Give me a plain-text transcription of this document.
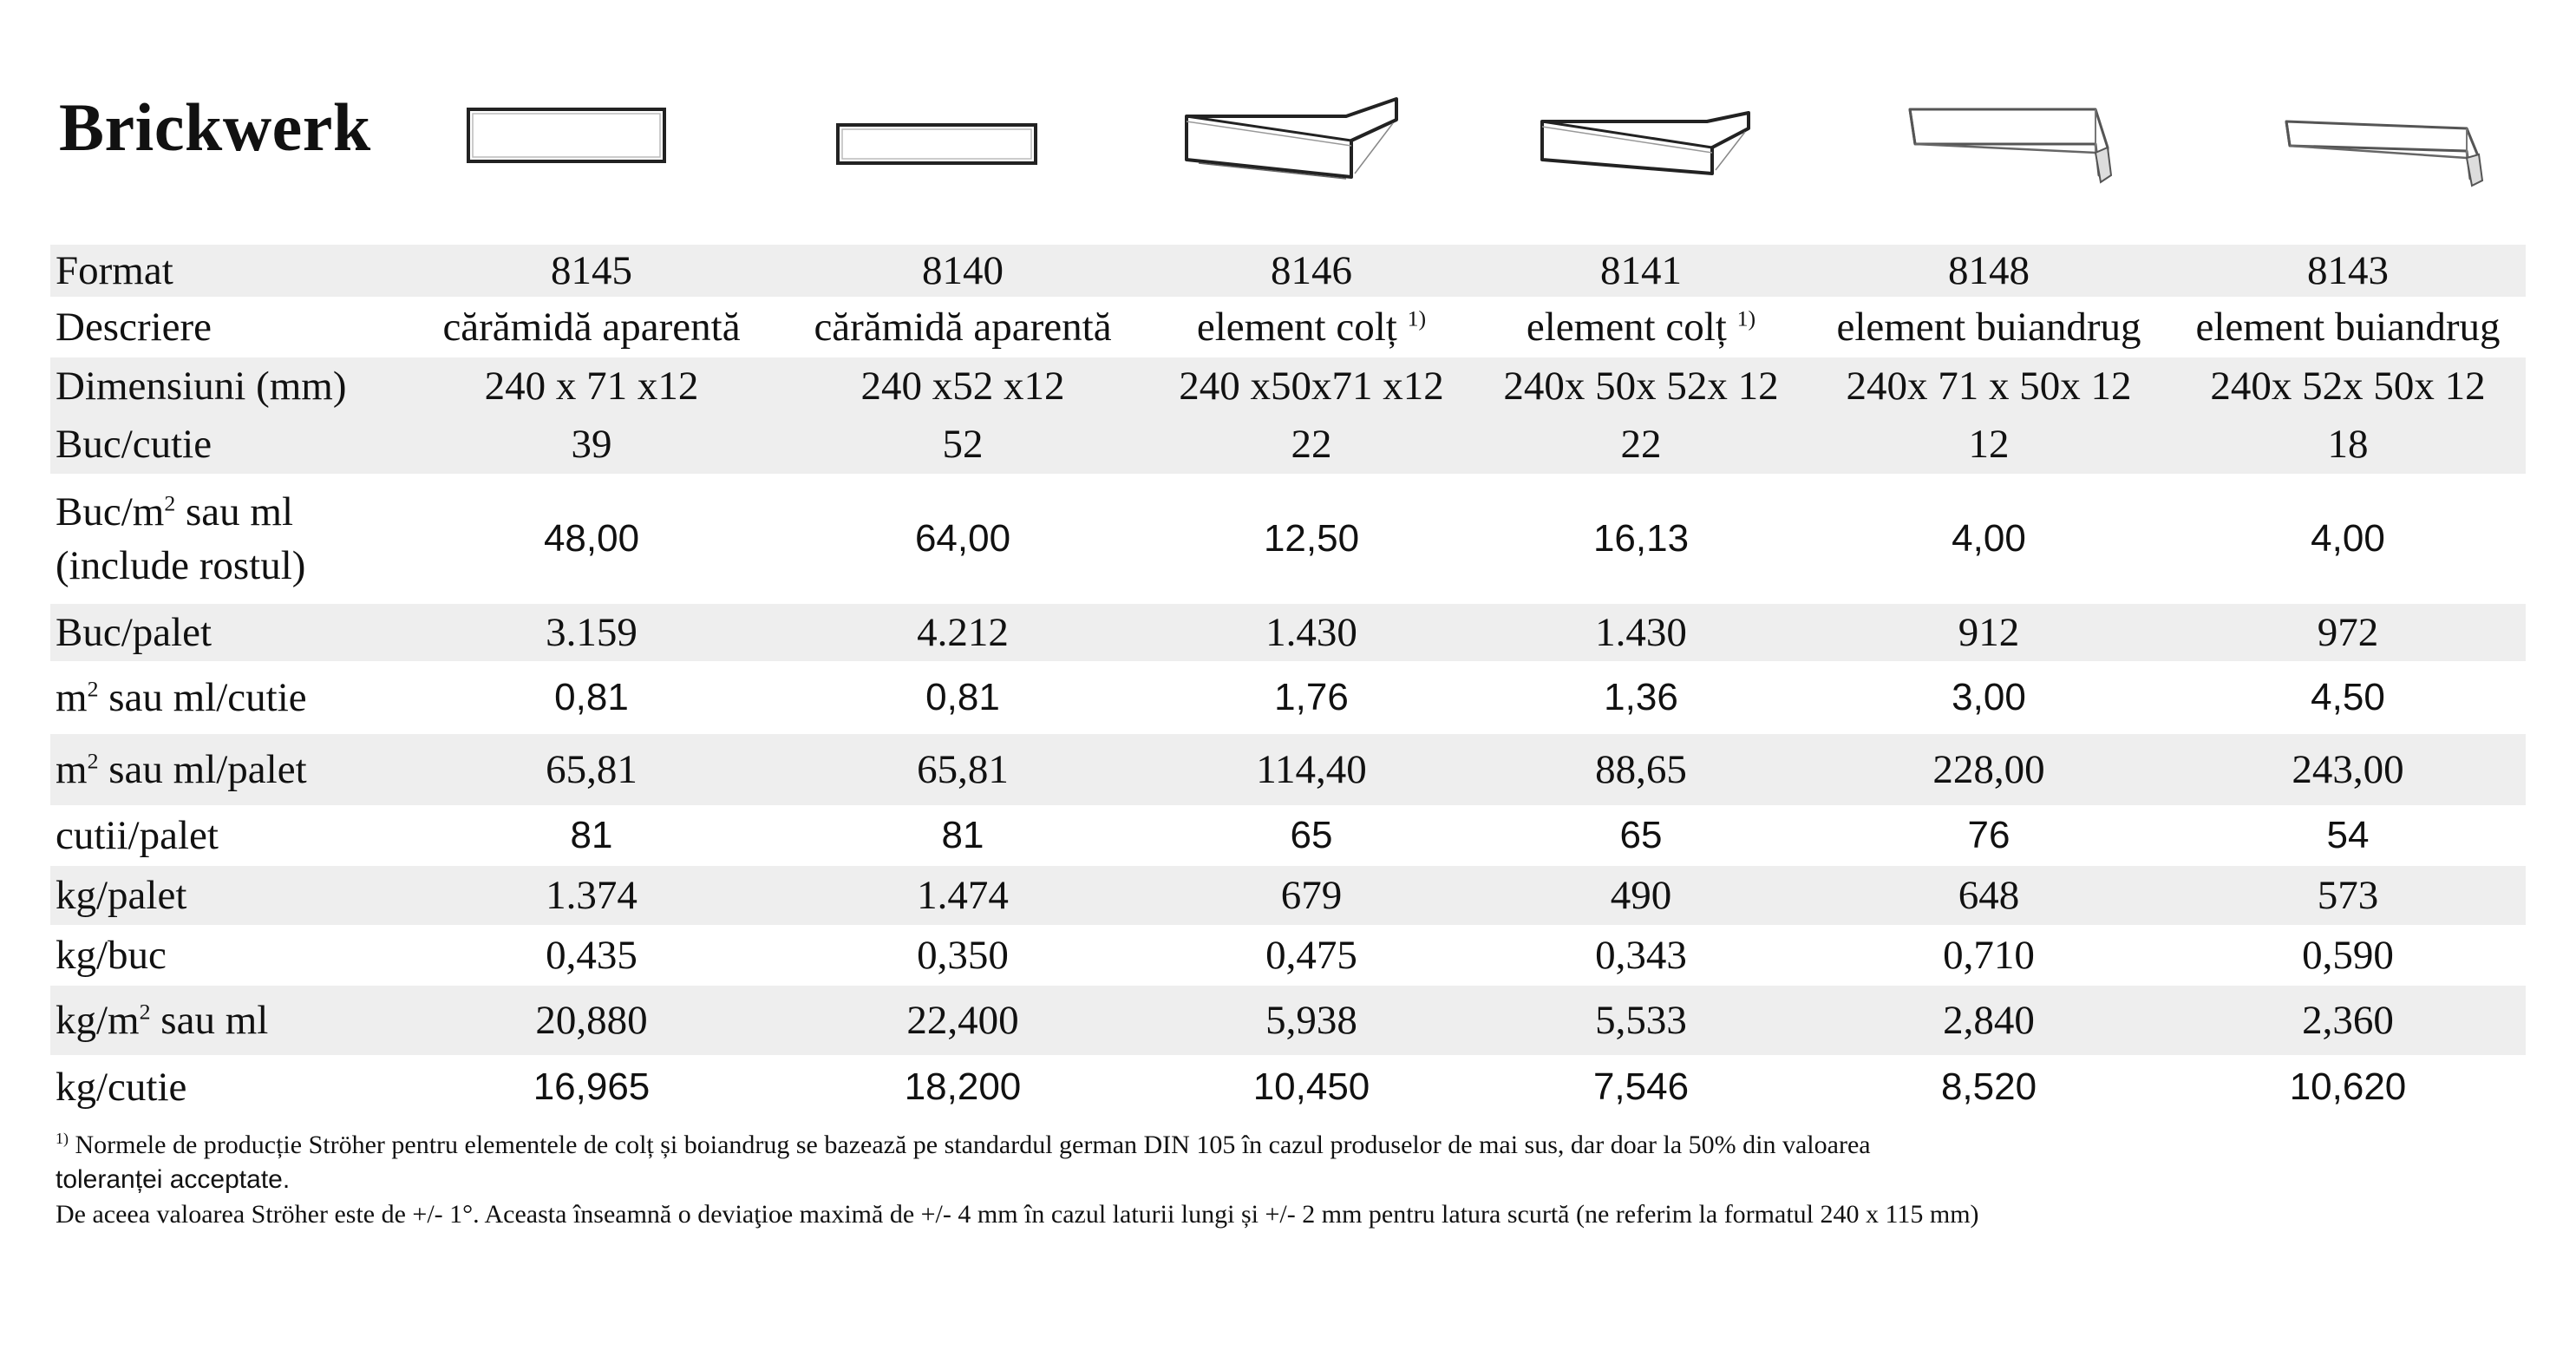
Brickwerk
Format	8145	8140	8146	8141	8148	8143
Descriere	cărămidă aparentă	cărămidă aparentă	element colț $^{1)}$	element colț $^{1)}$	element buiandrug	element buiandrug
Dimensiuni (mm)	240 x 71 x12	240 x52 x12	240 x50x71 x12	240x 50x 52x 12	240x 71 x 50x 12	240x 52x 50x 12
Buc/cutie	39	52	22	22	12	18
Buc/$m^2$ sau ml
(include rostul)	48,00	64,00	12,50	16,13	4,00	4,00
Buc/palet	3.159	4.212	1.430	1.430	912	972
$m^2$ sau ml/cutie	0,81	0,81	1,76	1,36	3,00	4,50
$m^2$ sau ml/palet	65,81	65,81	114,40	88,65	228,00	243,00
cutii/palet	81	81	65	65	76	54
kg/palet	1.374	1.474	679	490	648	573
kg/buc	0,435	0,350	0,475	0,343	0,710	0,590
$kg/m^2$ sau ml	20,880	22,400	5,938	5,533	2,840	2,360
kg/cutie	16,965	18,200	10,450	7,546	8,520	10,620
$^{1)}$ Normele de producție Ströher pentru elementele de colț și boiandrug se bazează pe standardul german DIN 105 în cazul produselor de mai sus, dar doar la 50% din valoarea
toleranței acceptate.
De aceea valoarea Ströher este de +/- 1°. Aceasta înseamnă o deviaţioe maximă de +/- 4 mm în cazul laturii lungi și +/- 2 mm pentru latura scurtă (ne referim la formatul 240 x 115 mm)
